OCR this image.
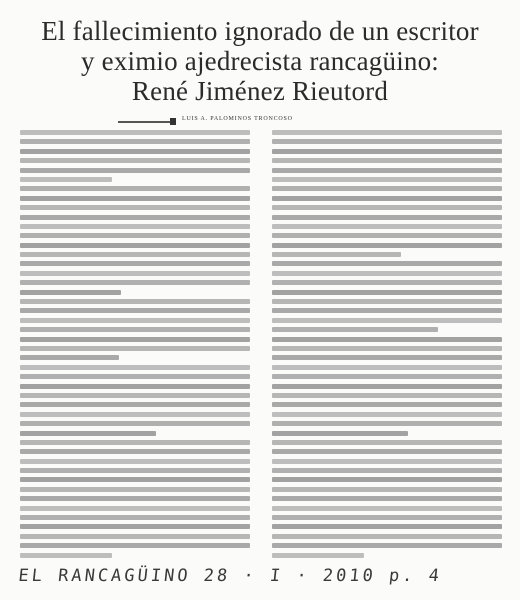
El fallecimiento ignorado de un escritor
y eximio ajedrecista rancagüino:
René Jiménez Rieutord
LUIS A. PALOMINOS TRONCOSO
EL RANCAGÜINO 28 · I · 2010 p. 4
